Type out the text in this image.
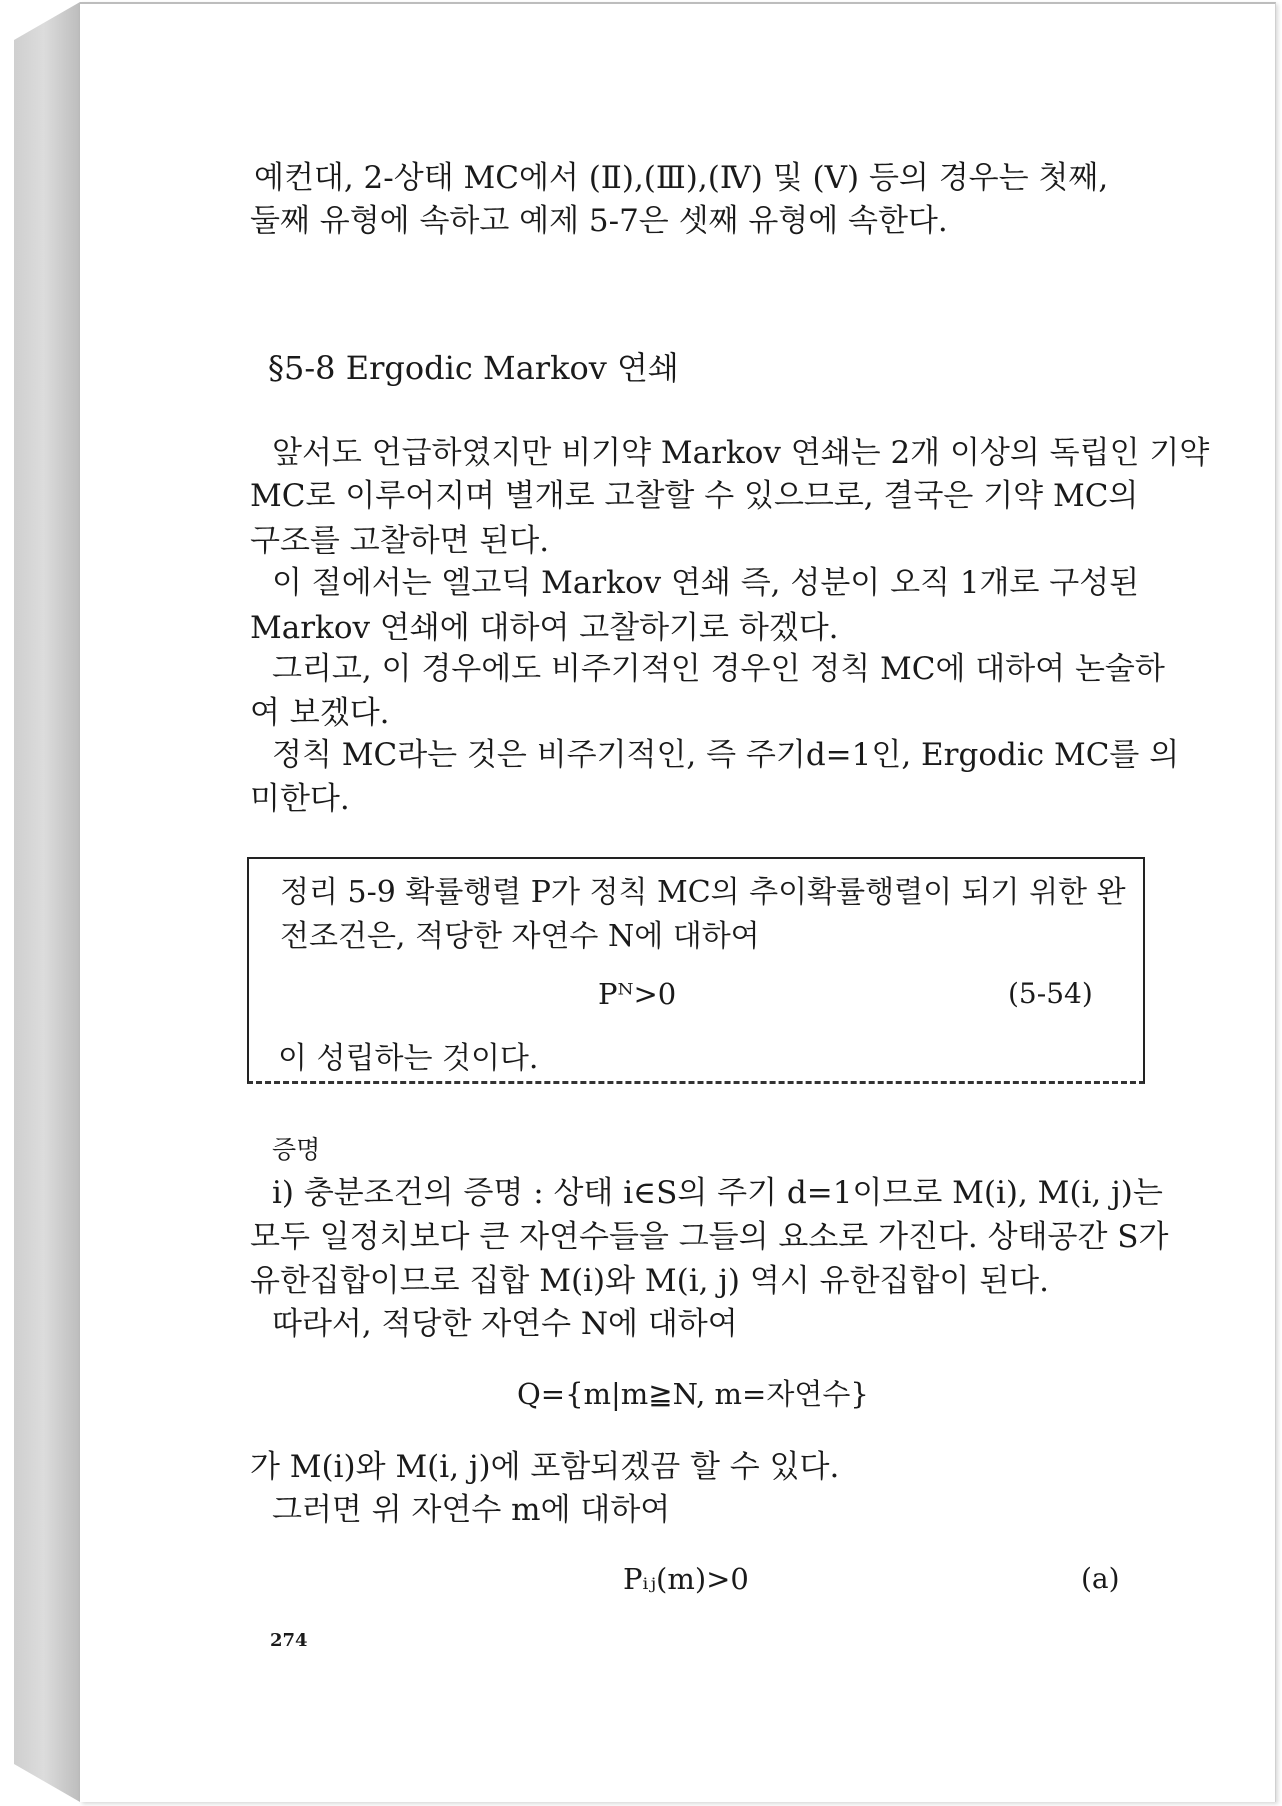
예컨대, 2-상태 MC에서 (Ⅱ),(Ⅲ),(Ⅳ) 및 (Ⅴ) 등의 경우는 첫째,
둘째 유형에 속하고 예제 5-7은 셋째 유형에 속한다.
§5-8 Ergodic Markov 연쇄
앞서도 언급하였지만 비기약 Markov 연쇄는 2개 이상의 독립인 기약
MC로 이루어지며 별개로 고찰할 수 있으므로, 결국은 기약 MC의
구조를 고찰하면 된다.
이 절에서는 엘고딕 Markov 연쇄 즉, 성분이 오직 1개로 구성된
Markov 연쇄에 대하여 고찰하기로 하겠다.
그리고, 이 경우에도 비주기적인 경우인 정칙 MC에 대하여 논술하
여 보겠다.
정칙 MC라는 것은 비주기적인, 즉 주기d=1인, Ergodic MC를 의
미한다.
정리 5-9 확률행렬 P가 정칙 MC의 추이확률행렬이 되기 위한 완
전조건은, 적당한 자연수 N에 대하여
Pᴺ>0	(5-54)
이 성립하는 것이다.
증명
i) 충분조건의 증명 : 상태 i∈S의 주기 d=1이므로 M(i), M(i, j)는
모두 일정치보다 큰 자연수들을 그들의 요소로 가진다. 상태공간 S가
유한집합이므로 집합 M(i)와 M(i, j) 역시 유한집합이 된다.
따라서, 적당한 자연수 N에 대하여
Q={m|m≧N, m=자연수}
가 M(i)와 M(i, j)에 포함되겠끔 할 수 있다.
그러면 위 자연수 m에 대하여
Pᵢⱼ(m)>0	(a)
274
